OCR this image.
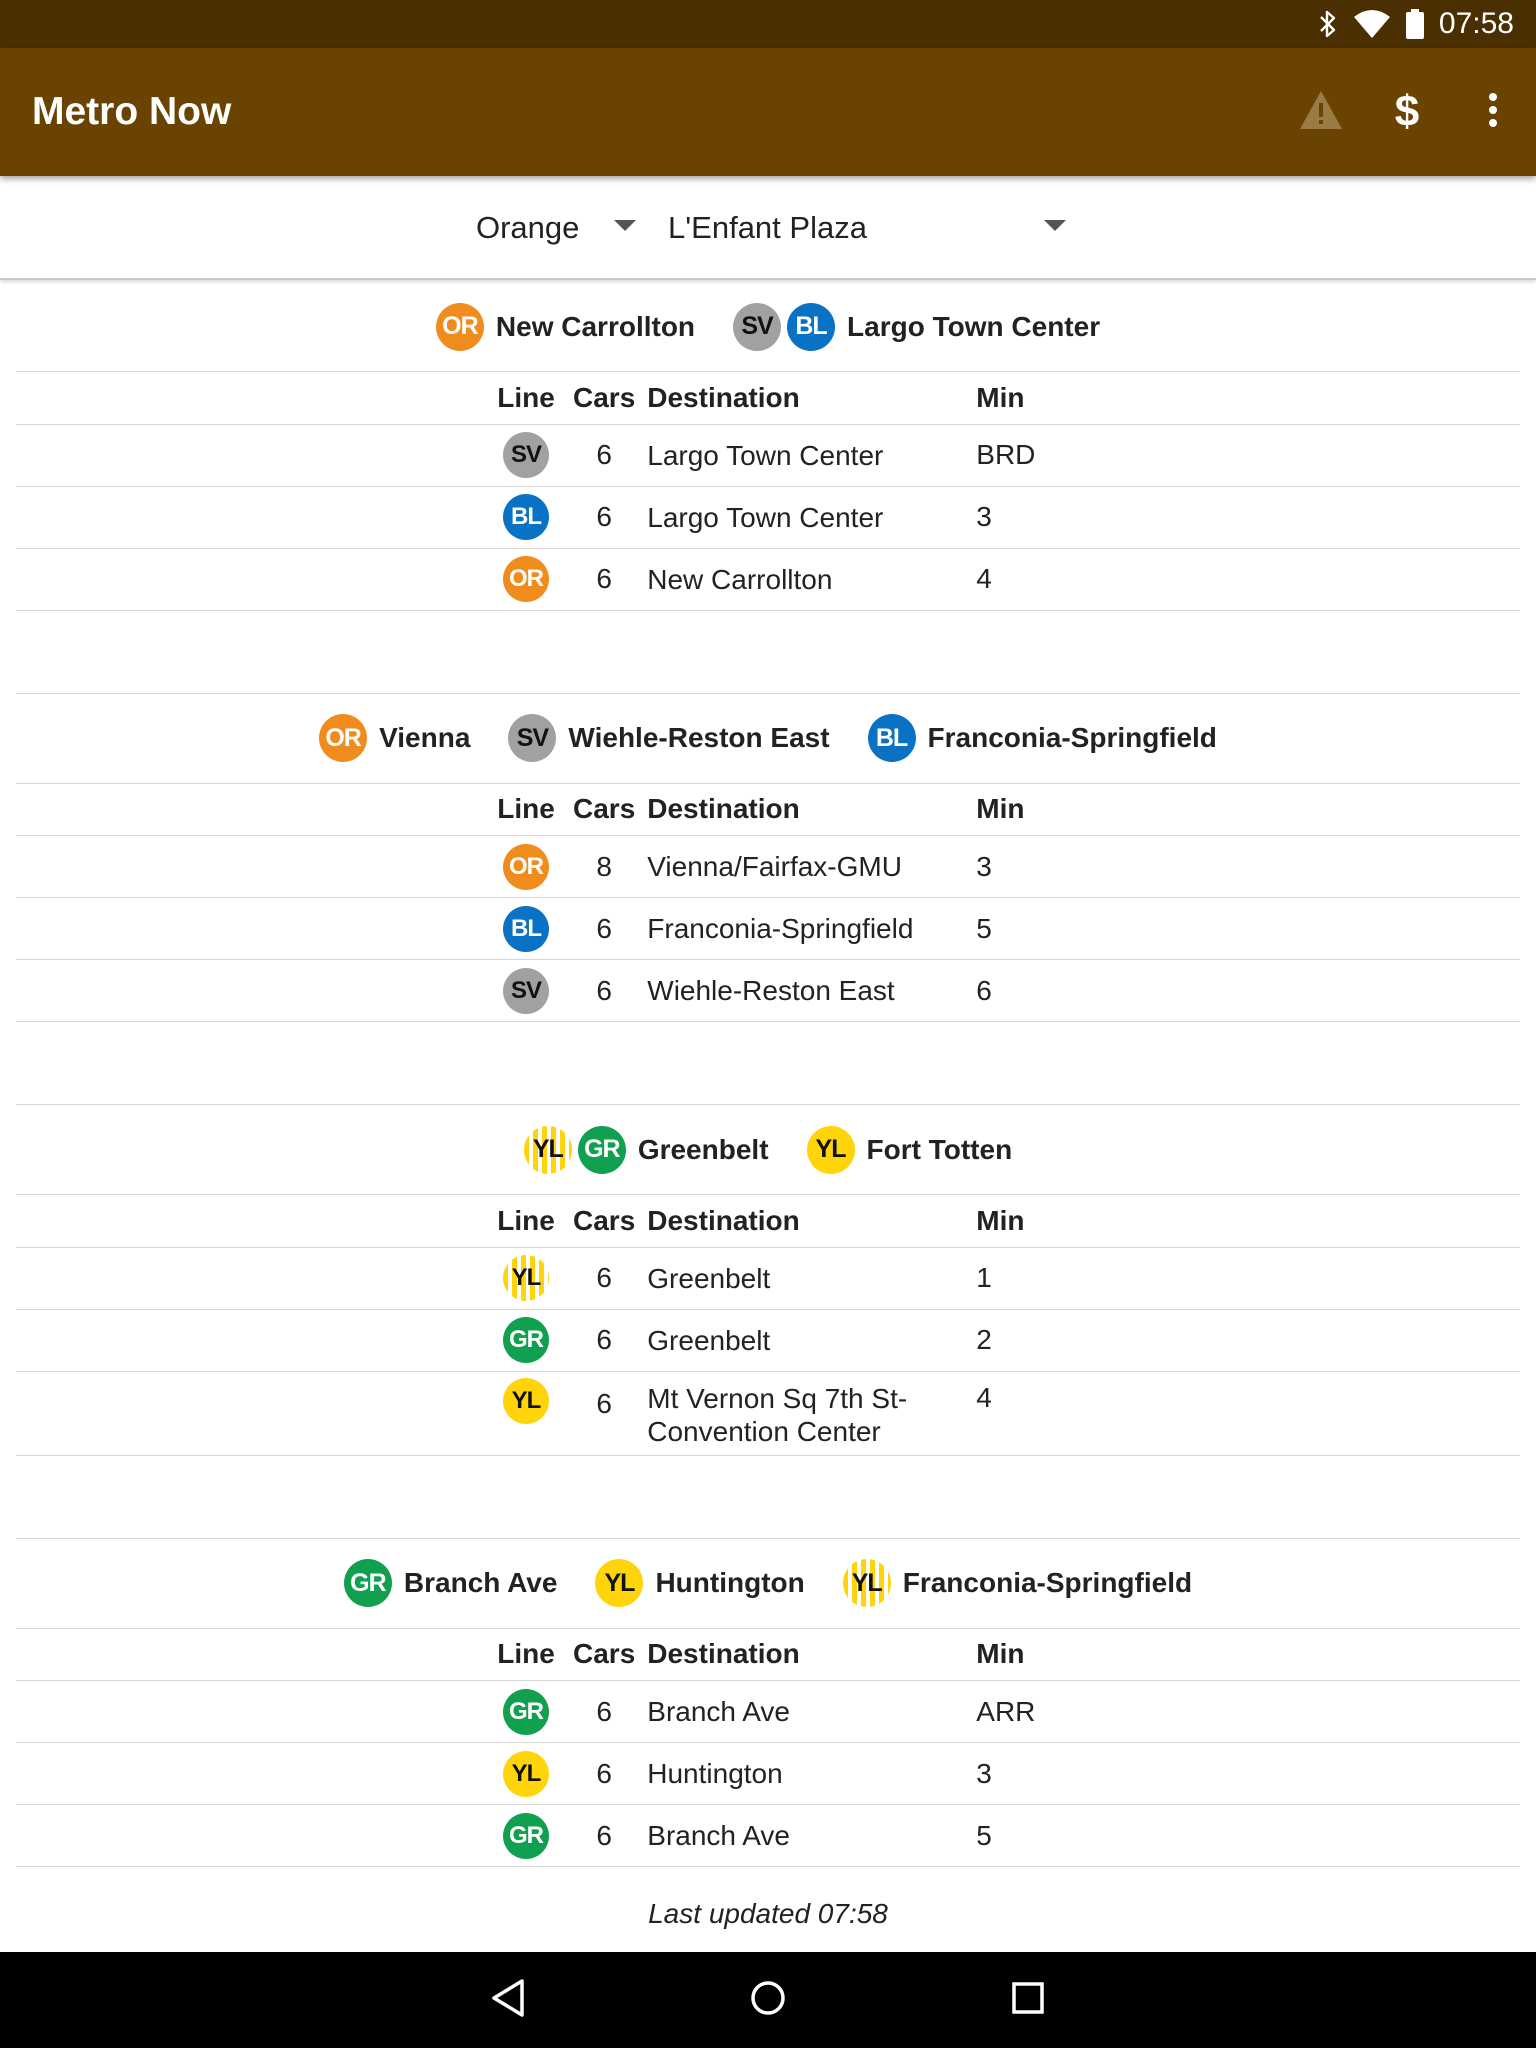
07:58
Metro Now	$
Orange	L'Enfant Plaza
OR New Carrollton	SV BL Largo Town Center
	Line	Cars	Destination	Min
	SV	6	Largo Town Center	BRD
	BL	6	Largo Town Center	3
	OR	6	New Carrollton	4
OR Vienna	SV Wiehle-Reston East	BL Franconia-Springfield
	Line	Cars	Destination	Min
	OR	8	Vienna/Fairfax-GMU	3
	BL	6	Franconia-Springfield	5
	SV	6	Wiehle-Reston East	6
YL GR Greenbelt	YL Fort Totten
	Line	Cars	Destination	Min
	YL	6	Greenbelt	1
	GR	6	Greenbelt	2
	YL	6	Mt Vernon Sq 7th St-
Convention Center	4
GR Branch Ave	YL Huntington	YL Franconia-Springfield
	Line	Cars	Destination	Min
	GR	6	Branch Ave	ARR
	YL	6	Huntington	3
	GR	6	Branch Ave	5
Last updated 07:58
